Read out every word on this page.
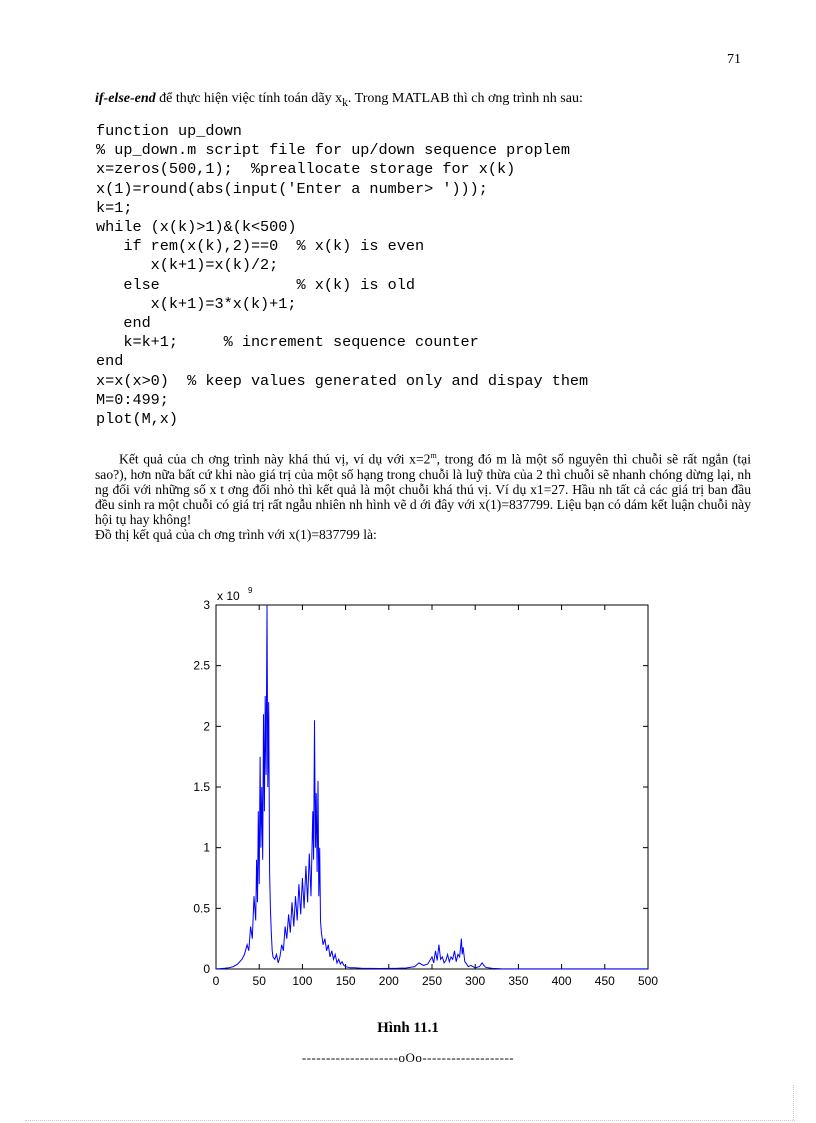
71
if-else-end để thực hiện việc tính toán dãy $x_k$. Trong MATLAB thì ch ơng trình nh sau:
function up_down
% up_down.m script file for up/down sequence proplem
x=zeros(500,1);  %preallocate storage for x(k)
x(1)=round(abs(input('Enter a number> ')));
k=1;
while (x(k)>1)&(k<500)
if rem(x(k),2)==0  % x(k) is even
x(k+1)=x(k)/2;
else               % x(k) is old
x(k+1)=3*x(k)+1;
end
k=k+1;     % increment sequence counter
end
x=x(x>0)  % keep values generated only and dispay them
M=0:499;
plot(M,x)

Kết quả của ch ơng trình này khá thú vị, ví dụ với $x=2^m$, trong đó m là một số nguyên thì chuỗi sẽ rất ngắn (tại sao?), hơn nữa bất cứ khi nào giá trị của một số hạng trong chuỗi là luỹ thừa của 2 thì chuỗi sẽ nhanh chóng dừng lại, nh ng đối với những số x t ơng đối nhỏ thì kết quả là một chuỗi khá thú vị. Ví dụ x1=27. Hầu nh tất cả các giá trị ban đầu đều sinh ra một chuỗi có giá trị rất ngẫu nhiên nh hình vẽ d ới đây với x(1)=837799. Liệu bạn có dám kết luận chuỗi này hội tụ hay không!

Đồ thị kết quả của ch ơng trình với x(1)=837799 là:

0	50 100 150 200 250 300 350 400 450 500
0
0.5
1
1.5
2
2.5
3
x 10 9
Hình 11.1
--------------------oOo-------------------
